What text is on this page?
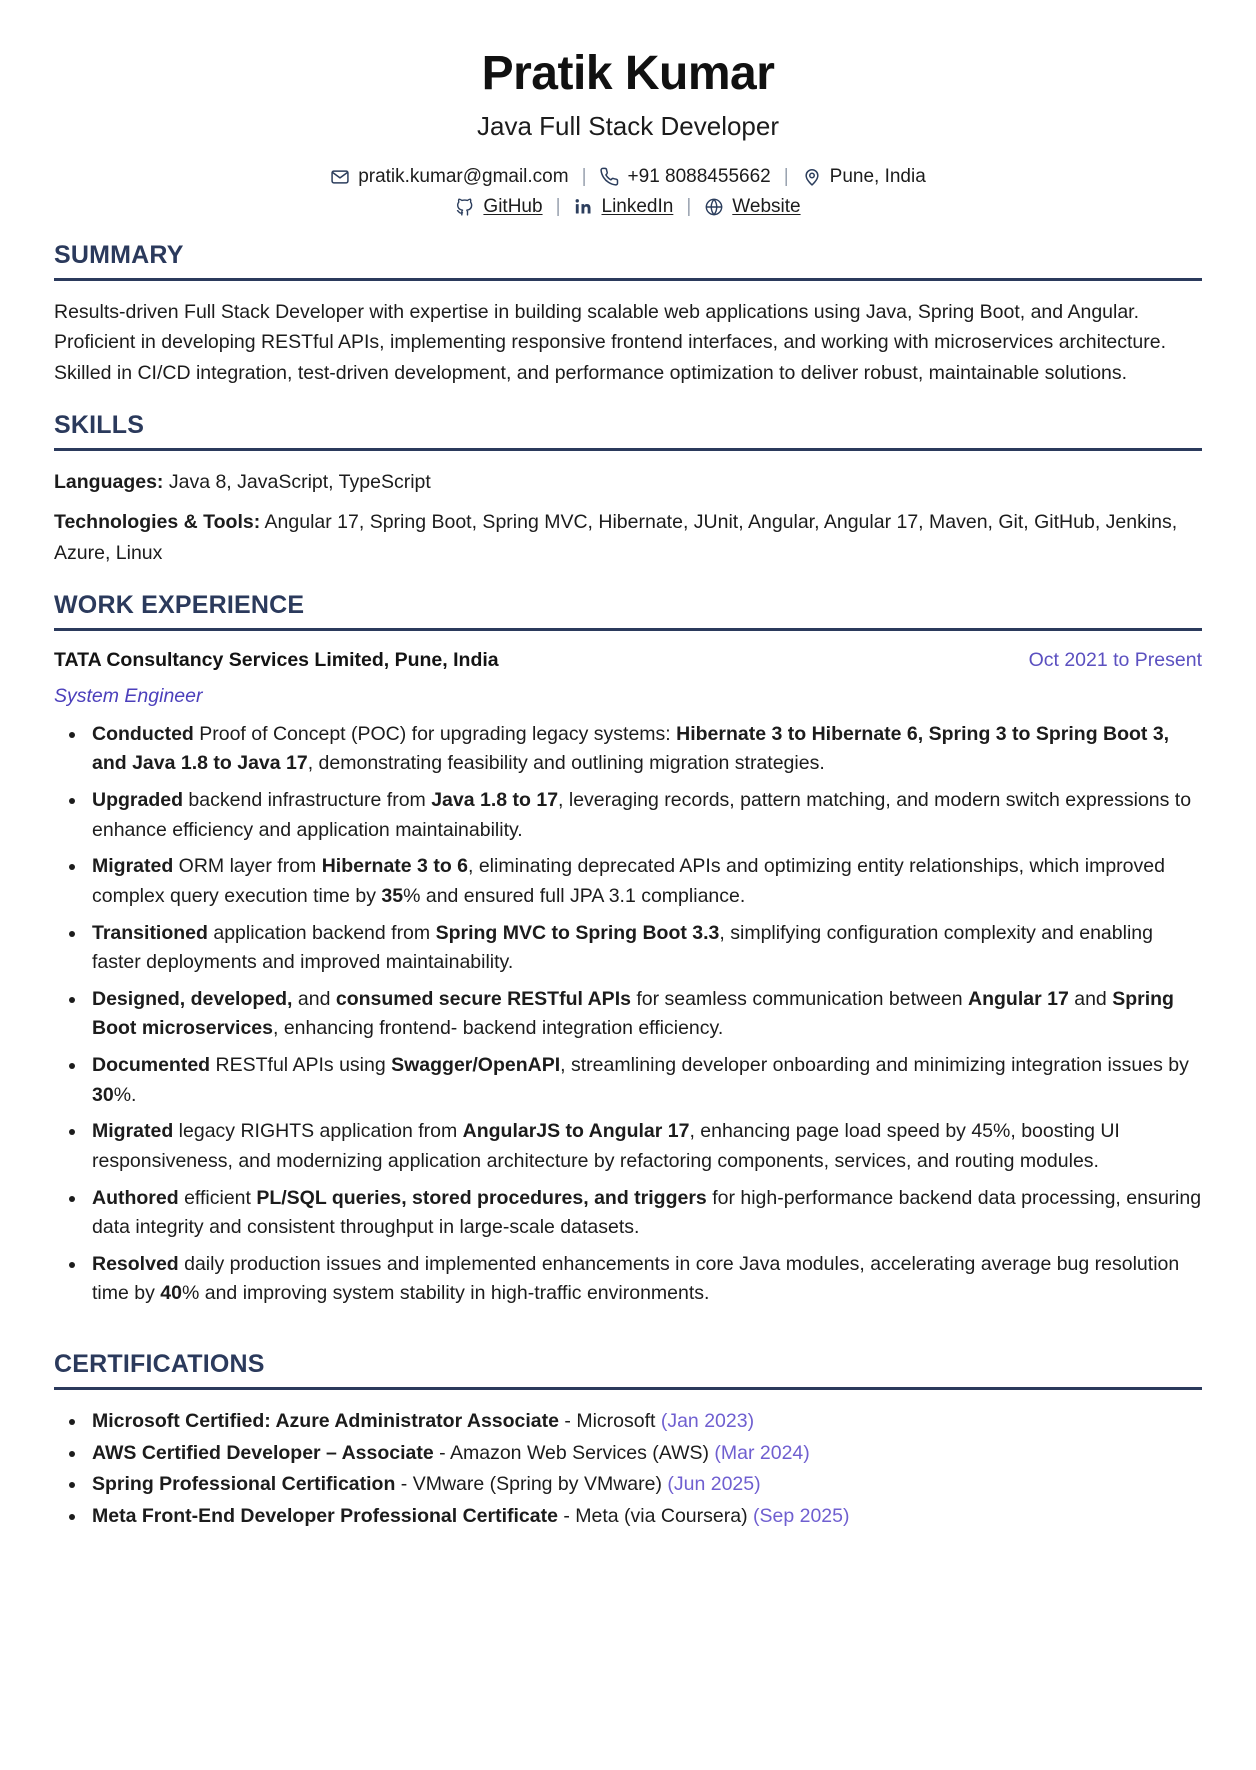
Pratik Kumar
Java Full Stack Developer
pratik.kumar@gmail.com |	+91 8088455662 |	Pune, India
GitHub |	LinkedIn |	Website
SUMMARY

Results-driven Full Stack Developer with expertise in building scalable web applications using Java, Spring Boot, and Angular. Proficient in developing RESTful APIs, implementing responsive frontend interfaces, and working with microservices architecture. Skilled in CI/CD integration, test-driven development, and performance optimization to deliver robust, maintainable solutions.

SKILLS

Languages: Java 8, JavaScript, TypeScript

Technologies & Tools: Angular 17, Spring Boot, Spring MVC, Hibernate, JUnit, Angular, Angular 17, Maven, Git, GitHub, Jenkins, Azure, Linux

WORK EXPERIENCE
TATA Consultancy Services Limited, Pune, India	Oct 2021 to Present
System Engineer
Conducted Proof of Concept (POC) for upgrading legacy systems: Hibernate 3 to Hibernate 6, Spring 3 to Spring Boot 3, and Java 1.8 to Java 17, demonstrating feasibility and outlining migration strategies.
Upgraded backend infrastructure from Java 1.8 to 17, leveraging records, pattern matching, and modern switch expressions to enhance efficiency and application maintainability.
Migrated ORM layer from Hibernate 3 to 6, eliminating deprecated APIs and optimizing entity relationships, which improved complex query execution time by 35% and ensured full JPA 3.1 compliance.
Transitioned application backend from Spring MVC to Spring Boot 3.3, simplifying configuration complexity and enabling faster deployments and improved maintainability.
Designed, developed, and consumed secure RESTful APIs for seamless communication between Angular 17 and Spring Boot microservices, enhancing frontend- backend integration efficiency.
Documented RESTful APIs using Swagger/OpenAPI, streamlining developer onboarding and minimizing integration issues by 30%.
Migrated legacy RIGHTS application from AngularJS to Angular 17, enhancing page load speed by 45%, boosting UI responsiveness, and modernizing application architecture by refactoring components, services, and routing modules.
Authored efficient PL/SQL queries, stored procedures, and triggers for high-performance backend data processing, ensuring data integrity and consistent throughput in large-scale datasets.
Resolved daily production issues and implemented enhancements in core Java modules, accelerating average bug resolution time by 40% and improving system stability in high-traffic environments.
CERTIFICATIONS
Microsoft Certified: Azure Administrator Associate - Microsoft (Jan 2023)
AWS Certified Developer – Associate - Amazon Web Services (AWS) (Mar 2024)
Spring Professional Certification - VMware (Spring by VMware) (Jun 2025)
Meta Front-End Developer Professional Certificate - Meta (via Coursera) (Sep 2025)
